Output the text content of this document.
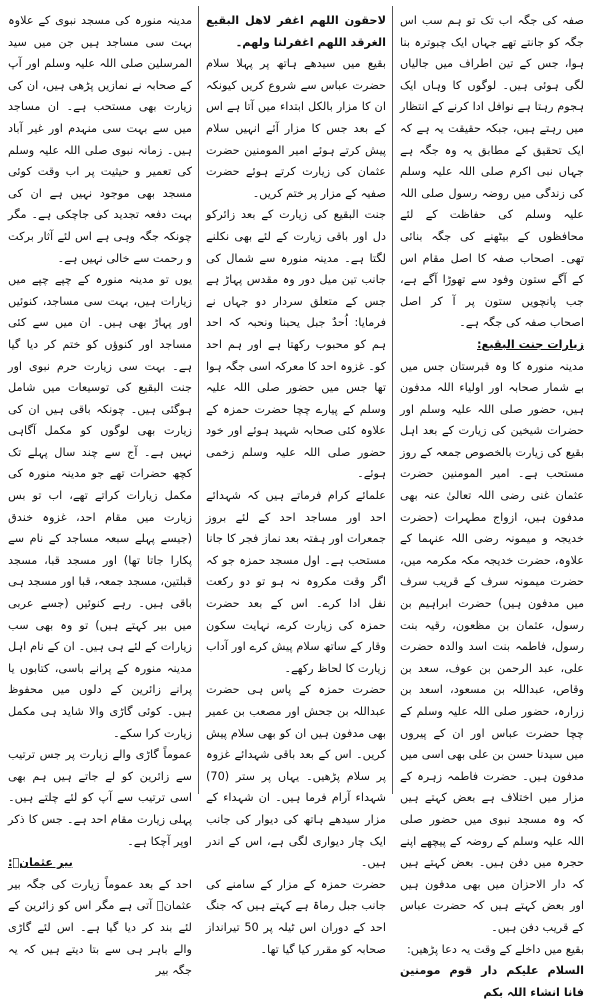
صفہ کی جگہ اب تک تو ہم سب اس جگہ کو جانتے تھے جہاں ایک چبوترہ بنا ہوا، جس کے تین اطراف میں جالیاں لگی ہوئی ہیں۔ لوگوں کا وہاں ایک ہجوم رہتا ہے نوافل ادا کرنے کے انتظار میں رہتے ہیں، جبکہ حقیقت یہ ہے کہ ایک تحقیق کے مطابق یہ وہ جگہ ہے جہاں نبی اکرم صلی اللہ علیہ وسلم کی زندگی میں روضہ رسول صلی اللہ علیہ وسلم کی حفاظت کے لئے محافظوں کے بیٹھنے کی جگہ بنائی تھی۔ اصحاب صفہ کا اصل مقام اس کے آگے ستون وفود سے تھوڑا آگے ہے، جب پانچویں ستون پر آ کر اصل اصحاب صفہ کی جگہ ہے۔

زیارات جنت البقیع:

مدینہ منورہ کا وہ قبرستان جس میں بے شمار صحابہ اور اولیاء اللہ مدفون ہیں، حضور صلی اللہ علیہ وسلم اور حضرات شیخین کی زیارت کے بعد اہل بقیع کی زیارت بالخصوص جمعہ کے روز مستحب ہے۔ امیر المومنین حضرت عثمان غنی رضی اللہ تعالیٰ عنہ بھی مدفون ہیں، ازواج مطہرات (حضرت خدیجہ و میمونہ رضی اللہ عنہما کے علاوہ، حضرت خدیجہ مکہ مکرمہ میں، حضرت میمونہ سرف کے قریب سرف میں مدفون ہیں) حضرت ابراہیم بن رسول، عثمان بن مظعون، رقیہ بنت رسول، فاطمہ بنت اسد والدہ حضرت علی، عبد الرحمن بن عوف، سعد بن وقاص، عبداللہ بن مسعود، اسعد بن زرارہ، حضور صلی اللہ علیہ وسلم کے چچا حضرت عباس اور ان کے پیروں میں سیدنا حسن بن علی بھی اسی میں مدفون ہیں۔ حضرت فاطمہ زہرہ کے مزار میں اختلاف ہے بعض کہتے ہیں کہ وہ مسجد نبوی میں حضور صلی اللہ علیہ وسلم کے روضہ کے پیچھے اپنے حجرہ میں دفن ہیں۔ بعض کہتے ہیں کہ دار الاحزان میں بھی مدفون ہیں اور بعض کہتے ہیں کہ حضرت عباس کے قریب دفن ہیں۔

بقیع میں داخلے کے وقت یہ دعا پڑھیں:

السلام علیکم دار قوم مومنین فانا انشاء اللہ بکم

لاحقون اللھم اغفر لاھل البقیع الغرقد اللھم اغفرلنا ولھم۔

بقیع میں سیدھے ہاتھ پر پہلا سلام حضرت عباس سے شروع کریں کیونکہ ان کا مزار بالکل ابتداء میں آتا ہے اس کے بعد جس کا مزار آئے انہیں سلام پیش کرتے ہوئے امیر المومنین حضرت عثمان کی زیارت کرتے ہوئے حضرت صفیہ کے مزار پر ختم کریں۔

جنت البقیع کی زیارت کے بعد زائرکو دل اور باقی زیارت کے لئے بھی نکلنے لگتا ہے۔ مدینہ منورہ سے شمال کی جانب تین میل دور وہ مقدس پہاڑ ہے جس کے متعلق سردار دو جہاں نے فرمایا: اُحدٌ جبل یحبنا ونحبہ کہ احد ہم کو محبوب رکھتا ہے اور ہم احد کو۔ غزوہ احد کا معرکہ اسی جگہ ہوا تھا جس میں حضور صلی اللہ علیہ وسلم کے پیارے چچا حضرت حمزہ کے علاوہ کئی صحابہ شہید ہوئے اور خود حضور صلی اللہ علیہ وسلم زخمی ہوئے۔

علمائے کرام فرماتے ہیں کہ شہدائے احد اور مساجد احد کے لئے بروز جمعرات اور ہفتہ بعد نماز فجر کا جانا مستحب ہے۔ اول مسجد حمزہ جو کہ اگر وقت مکروہ نہ ہو تو دو رکعت نفل ادا کرے۔ اس کے بعد حضرت حمزہ کی زیارت کرے، نہایت سکون وقار کے ساتھ سلام پیش کرے اور آداب زیارت کا لحاظ رکھے۔

حضرت حمزہ کے پاس ہی حضرت عبداللہ بن جحش اور مصعب بن عمیر بھی مدفون ہیں ان کو بھی سلام پیش کریں۔ اس کے بعد باقی شہدائے غزوہ پر سلام پڑھیں۔ یہاں پر ستر (70) شہداء آرام فرما ہیں۔ ان شہداء کے مزار سیدھے ہاتھ کی دیوار کی جانب ایک چار دیواری لگی ہے، اس کے اندر ہیں۔

حضرت حمزہ کے مزار کے سامنے کی جانب جبل رماۃ ہے کہتے ہیں کہ جنگ احد کے دوران اس ٹیلہ پر 50 تیرانداز صحابہ کو مقرر کیا گیا تھا۔

مدینہ منورہ کی مسجد نبوی کے علاوہ بہت سی مساجد ہیں جن میں سید المرسلین صلی اللہ علیہ وسلم اور آپ کے صحابہ نے نمازیں پڑھی ہیں، ان کی زیارت بھی مستحب ہے۔ ان مساجد میں سے بہت سی منہدم اور غیر آباد ہیں۔ زمانہ نبوی صلی اللہ علیہ وسلم کی تعمیر و حیثیت پر اب وقت کوئی مسجد بھی موجود نہیں ہے ان کی بہت دفعہ تجدید کی جاچکی ہے۔ مگر چونکہ جگہ وہی ہے اس لئے آثار برکت و رحمت سے خالی نہیں ہے۔

یوں تو مدینہ منورہ کے چپے چپے میں زیارات ہیں، بہت سی مساجد، کنوئیں اور پہاڑ بھی ہیں۔ ان میں سے کئی مساجد اور کنوؤں کو ختم کر دیا گیا ہے۔ بہت سی زیارت حرم نبوی اور جنت البقیع کی توسیعات میں شامل ہوگئی ہیں۔ چونکہ باقی ہیں ان کی زیارت بھی لوگوں کو مکمل آگاہی نہیں ہے۔ آج سے چند سال پہلے تک کچھ حضرات تھے جو مدینہ منورہ کی مکمل زیارات کراتے تھے، اب تو بس زیارت میں مقام احد، غزوہ خندق (جیسے پہلے سبعہ مساجد کے نام سے پکارا جاتا تھا) اور مسجد قبا، مسجد قبلتین، مسجد جمعہ، قبا اور مسجد ہی باقی ہیں۔ رہے کنوئیں (جسے عربی میں بیر کہتے ہیں) تو وہ بھی سب زیارات کے لئے ہی ہیں۔ ان کے نام اہل مدینہ منورہ کے پرانے باسی، کتابوں یا پرانے زائرین کے دلوں میں محفوظ ہیں۔ کوئی گاڑی والا شاید ہی مکمل زیارت کرا سکے۔

عموماً گاڑی والے زیارت پر جس ترتیب سے زائرین کو لے جاتے ہیں ہم بھی اسی ترتیب سے آپ کو لئے چلتے ہیں۔ پہلی زیارت مقام احد ہے۔ جس کا ذکر اوپر آچکا ہے۔

بیر عثمانؓ:

احد کے بعد عموماً زیارت کی جگہ بیر عثمانؓ آتی ہے مگر اس کو زائرین کے لئے بند کر دیا گیا ہے۔ اس لئے گاڑی والے باہر ہی سے بتا دیتے ہیں کہ یہ جگہ بیر
